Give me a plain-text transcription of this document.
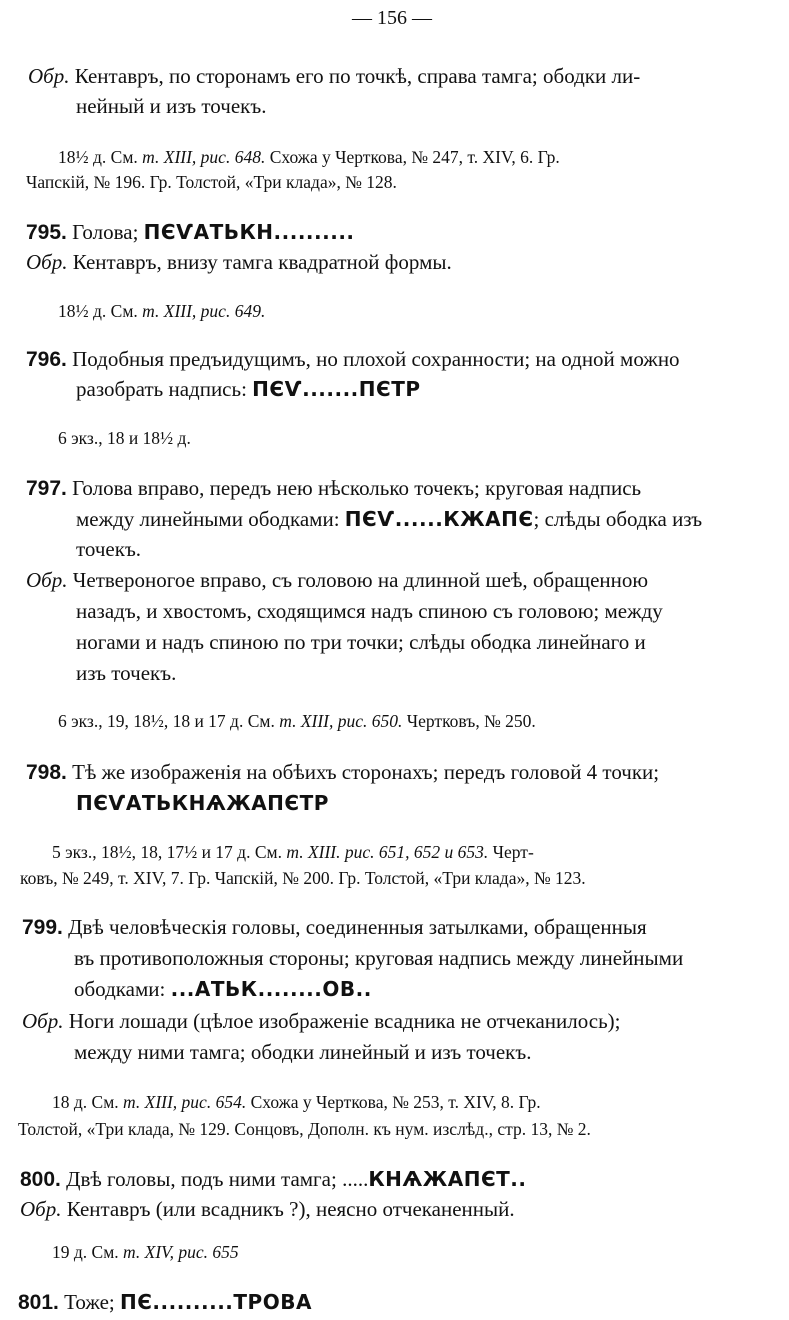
— 156 —
Обр. Кентавръ, по сторонамъ его по точкѣ, справа тамга; ободки ли-
нейный и изъ точекъ.
18½ д. См. т. XIII, рис. 648. Схожа у Черткова, № 247, т. XIV, 6. Гр.
Чапскій, № 196. Гр. Толстой, «Три клада», № 128.
795. Голова; ПЄѴАТЬКН..........
Обр. Кентавръ, внизу тамга квадратной формы.
18½ д. См. т. XIII, рис. 649.
796. Подобныя предъидущимъ, но плохой сохранности; на одной можно
разобрать надпись: ПЄѴ.......ПЄТР
6 экз., 18 и 18½ д.
797. Голова вправо, передъ нею нѣсколько точекъ; круговая надпись
между линейными ободками: ПЄѴ......КЖАПЄ; слѣды ободка изъ
точекъ.
Обр. Четвероногое вправо, съ головою на длинной шеѣ, обращенною
назадъ, и хвостомъ, сходящимся надъ спиною съ головою; между
ногами и надъ спиною по три точки; слѣды ободка линейнаго и
изъ точекъ.
6 экз., 19, 18½, 18 и 17 д. См. т. XIII, рис. 650. Чертковъ, № 250.
798. Тѣ же изображенія на обѣихъ сторонахъ; передъ головой 4 точки;
ПЄѴАТЬКНѦЖАПЄТР
5 экз., 18½, 18, 17½ и 17 д. См. т. XIII. рис. 651, 652 и 653. Черт-
ковъ, № 249, т. XIV, 7. Гр. Чапскій, № 200. Гр. Толстой, «Три клада», № 123.
799. Двѣ человѣческія головы, соединенныя затылками, обращенныя
въ противоположныя стороны; круговая надпись между линейными
ободками: ...АТЬК........ОВ..
Обр. Ноги лошади (цѣлое изображеніе всадника не отчеканилось);
между ними тамга; ободки линейный и изъ точекъ.
18 д. См. т. XIII, рис. 654. Схожа у Черткова, № 253, т. XIV, 8. Гр.
Толстой, «Три клада, № 129. Сонцовъ, Дополн. къ нум. изслѣд., стр. 13, № 2.
800. Двѣ головы, подъ ними тамга; .....КНѦЖАПЄТ..
Обр. Кентавръ (или всадникъ ?), неясно отчеканенный.
19 д. См. т. XIV, рис. 655
801. Тоже; ПЄ..........ТРОВА
